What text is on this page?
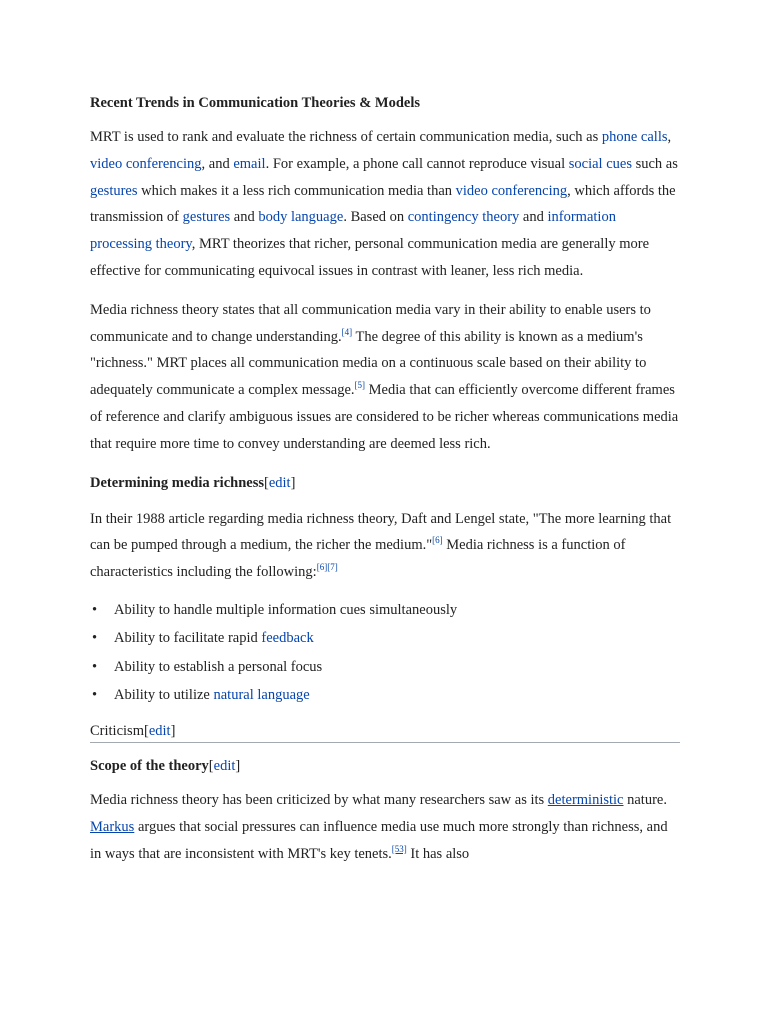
Recent Trends in Communication Theories & Models

MRT is used to rank and evaluate the richness of certain communication media, such as phone calls, video conferencing, and email. For example, a phone call cannot reproduce visual social cues such as gestures which makes it a less rich communication media than video conferencing, which affords the transmission of gestures and body language. Based on contingency theory and information processing theory, MRT theorizes that richer, personal communication media are generally more effective for communicating equivocal issues in contrast with leaner, less rich media.

Media richness theory states that all communication media vary in their ability to enable users to communicate and to change understanding.[4] The degree of this ability is known as a medium's "richness." MRT places all communication media on a continuous scale based on their ability to adequately communicate a complex message.[5] Media that can efficiently overcome different frames of reference and clarify ambiguous issues are considered to be richer whereas communications media that require more time to convey understanding are deemed less rich.

Determining media richness[edit]

In their 1988 article regarding media richness theory, Daft and Lengel state, "The more learning that can be pumped through a medium, the richer the medium."[6] Media richness is a function of characteristics including the following:[6][7]

• Ability to handle multiple information cues simultaneously
• Ability to facilitate rapid feedback
• Ability to establish a personal focus
• Ability to utilize natural language
Criticism[edit]
Scope of the theory[edit]

Media richness theory has been criticized by what many researchers saw as its deterministic nature. Markus argues that social pressures can influence media use much more strongly than richness, and in ways that are inconsistent with MRT's key tenets.[53] It has also
